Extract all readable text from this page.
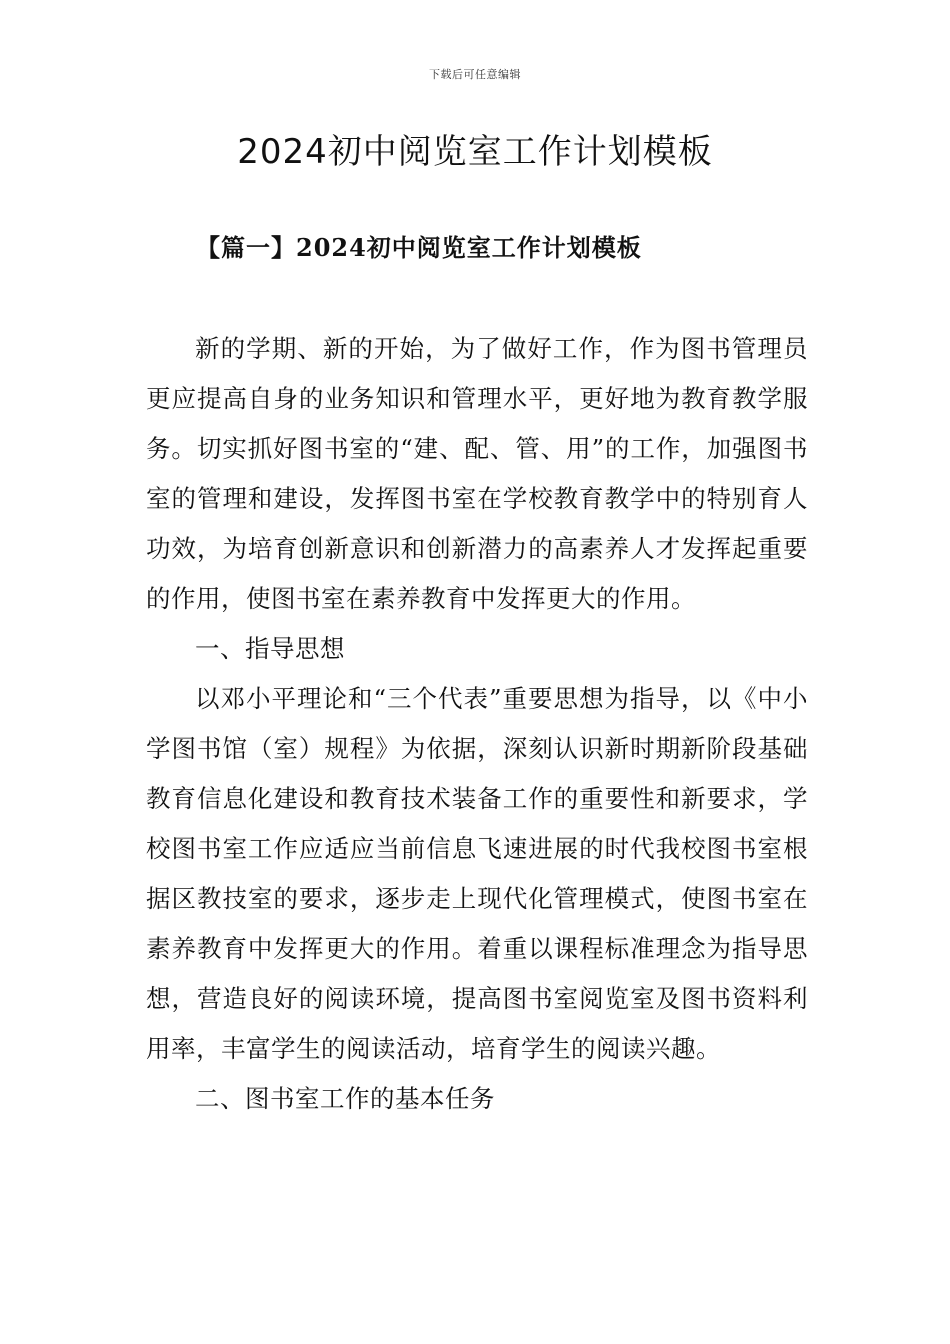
下载后可任意编辑
2024初中阅览室工作计划模板
【篇一】2024初中阅览室工作计划模板

新的学期、新的开始，为了做好工作，作为图书管理员更应提高自身的业务知识和管理水平，更好地为教育教学服务。切实抓好图书室的“建、配、管、用”的工作，加强图书室的管理和建设，发挥图书室在学校教育教学中的特别育人功效，为培育创新意识和创新潜力的高素养人才发挥起重要的作用，使图书室在素养教育中发挥更大的作用。

一、指导思想

以邓小平理论和“三个代表”重要思想为指导，以《中小学图书馆（室）规程》为依据，深刻认识新时期新阶段基础教育信息化建设和教育技术装备工作的重要性和新要求，学校图书室工作应适应当前信息飞速进展的时代我校图书室根据区教技室的要求，逐步走上现代化管理模式，使图书室在素养教育中发挥更大的作用。着重以课程标准理念为指导思想，营造良好的阅读环境，提高图书室阅览室及图书资料利用率，丰富学生的阅读活动，培育学生的阅读兴趣。

二、图书室工作的基本任务
